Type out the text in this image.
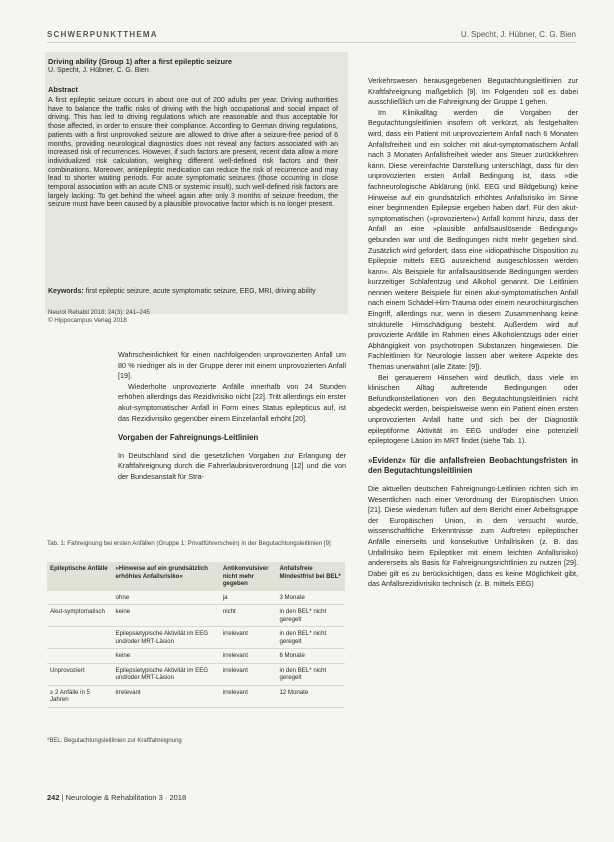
SCHWERPUNKTTHEMA	U. Specht, J. Hübner, C. G. Bien
Driving ability (Group 1) after a first epileptic seizure
U. Specht, J. Hübner, C. G. Bien
Abstract
A first epileptic seizure occurs in about one out of 200 adults per year. Driving authorities have to balance the traffic risks of driving with the high occupational and social impact of driving. This has led to driving regulations which are reasonable and thus acceptable for those affected, in order to ensure their compliance. According to German driving regulations, patients with a first unprovoked seizure are allowed to drive after a seizure-free period of 6 months, providing neurological diagnostics does not reveal any factors associated with an increased risk of recurrences. However, if such factors are present, recent data allow a more individualized risk calculation, weighing different well-defined risk factors and their combinations. Moreover, antiepileptic medication can reduce the risk of recurrence and may lead to shorter waiting periods. For acute symptomatic seizures (those occurring in close temporal association with an acute CNS or systemic insult), such well-defined risk factors are largely lacking. To get behind the wheel again after only 3 months of seizure freedom, the seizure must have been caused by a plausible provocative factor which is no longer present.
Keywords: first epileptic seizure, acute symptomatic seizure, EEG, MRI, driving ability
Neurol Rehabil 2018; 24(3): 241–245
© Hippocampus Verlag 2018

Wahrscheinlichkeit für einen nachfolgenden unprovozierten Anfall um 80 % niedriger als in der Gruppe derer mit einem unprovozierten Anfall [19].

Wiederholte unprovozierte Anfälle innerhalb von 24 Stunden erhöhen allerdings das Rezidivrisiko nicht [22]. Tritt allerdings ein erster akut-symptomatischer Anfall in Form eines Status epilepticus auf, ist das Rezidivrisiko gegenüber einem Einzelanfall erhöht [20].

Vorgaben der Fahreignungs-Leitlinien

In Deutschland sind die gesetzlichen Vorgaben zur Erlangung der Kraftfahreignung durch die Fahrerlaubnisverordnung [12] und die von der Bundesanstalt für Stra-

Tab. 1: Fahreignung bei ersten Anfällen (Gruppe 1: Privatführerschein) in der Begutachtungsleitlinien [9]
Epileptische Anfälle	»Hinweise auf ein grundsätzlich erhöhtes Anfallsrisiko«	Antikonvulsiver nicht mehr gegeben	Anfallsfreie Mindestfrist bei BEL*
	ohne	ja	3 Monate
Akut-symptomatisch	keine	nicht	in den BEL* nicht geregelt
	Epilepsietypische Aktivität im EEG und/oder MRT-Läsion	irrelevant	in den BEL* nicht geregelt
	keine	irrelevant	6 Monate
Unprovoziert	Epilepsietypische Aktivität im EEG und/oder MRT-Läsion	irrelevant	in den BEL* nicht geregelt
≥ 2 Anfälle in 5 Jahren	irrelevant	irrelevant	12 Monate
*BEL: Begutachtungsleitlinien zur Kraftfahreignung

Verkehrswesen herausgegebenen Begutachtungsleitlinien zur Kraftfahreignung maßgeblich [9]. Im Folgenden soll es dabei ausschließlich um die Fahreignung der Gruppe 1 gehen.

Im Klinikalltag werden die Vorgaben der Begutachtungsleitlinien insofern oft verkürzt, als festgehalten wird, dass ein Patient mit unprovoziertem Anfall nach 6 Monaten Anfallsfreiheit und ein solcher mit akut-symptomatischem Anfall nach 3 Monaten Anfallsfreiheit wieder ans Steuer zurückkehren kann. Diese vereinfachte Darstellung unterschlägt, dass für den unprovozierten ersten Anfall Bedingung ist, dass »die fachneurologische Abklärung (inkl. EEG und Bildgebung) keine Hinweise auf ein grundsätzlich erhöhtes Anfallsrisiko im Sinne einer beginnenden Epilepsie ergeben haben darf. Für den akut-symptomatischen (»provozierten«) Anfall kommt hinzu, dass der Anfall an eine »plausible anfallsauslösende Bedingung« gebunden war und die Bedingungen nicht mehr gegeben sind. Zusätzlich wird gefordert, dass eine »idiopathische Disposition zu Epilepsie mittels EEG ausreichend ausgeschlossen werden kann«. Als Beispiele für anfallsauslösende Bedingungen werden kurzzeitiger Schlafentzug und Alkohol genannt. Die Leitlinien nennen weitere Beispiele für einen akut-symptomatischen Anfall nach einem Schädel-Hirn-Trauma oder einem neurochirurgischen Eingriff, allerdings nur, wenn in diesem Zusammenhang keine strukturelle Hirnschädigung besteht. Außerdem wird auf provozierte Anfälle im Rahmen eines Alkoholentzugs oder einer Abhängigkeit von psychotropen Substanzen hingewiesen. Die Fachleitlinien für Neurologie lassen aber weitere Aspekte des Themas unerwähnt (alle Zitate: [9]).

Bei genauerem Hinsehen wird deutlich, dass viele im klinischen Alltag auftretende Bedingungen oder Befundkonstellationen von den Begutachtungsleitlinien nicht abgedeckt werden, beispielsweise wenn ein Patient einen ersten unprovozierten Anfall hatte und sich bei der Diagnostik epileptiforme Aktivität im EEG und/oder eine potenziell epileptogene Läsion im MRT findet (siehe Tab. 1).

»Evidenz« für die anfallsfreien Beobachtungsfristen in den Begutachtungsleitlinien

Die aktuellen deutschen Fahreignungs-Leitlinien richten sich im Wesentlichen nach einer Verordnung der Europäischen Union [21]. Diese wiederum fußen auf dem Bericht einer Arbeitsgruppe der Europäischen Union, in dem versucht wurde, wissenschaftliche Erkenntnisse zum Auftreten epileptischer Anfälle einerseits und konsekutive Unfallrisiken (z. B. das Unfallrisiko beim Epileptiker mit einem leichten Anfallsrisiko) andererseits als Basis für Fahreignungsrichtlinien zu nutzen [29]. Dabei gilt es zu berücksichtigen, dass es keine Möglichkeit gibt, das Anfallsrezidivrisiko technisch (z. B. mittels EEG)

242 | Neurologie & Rehabilitation 3 · 2018
